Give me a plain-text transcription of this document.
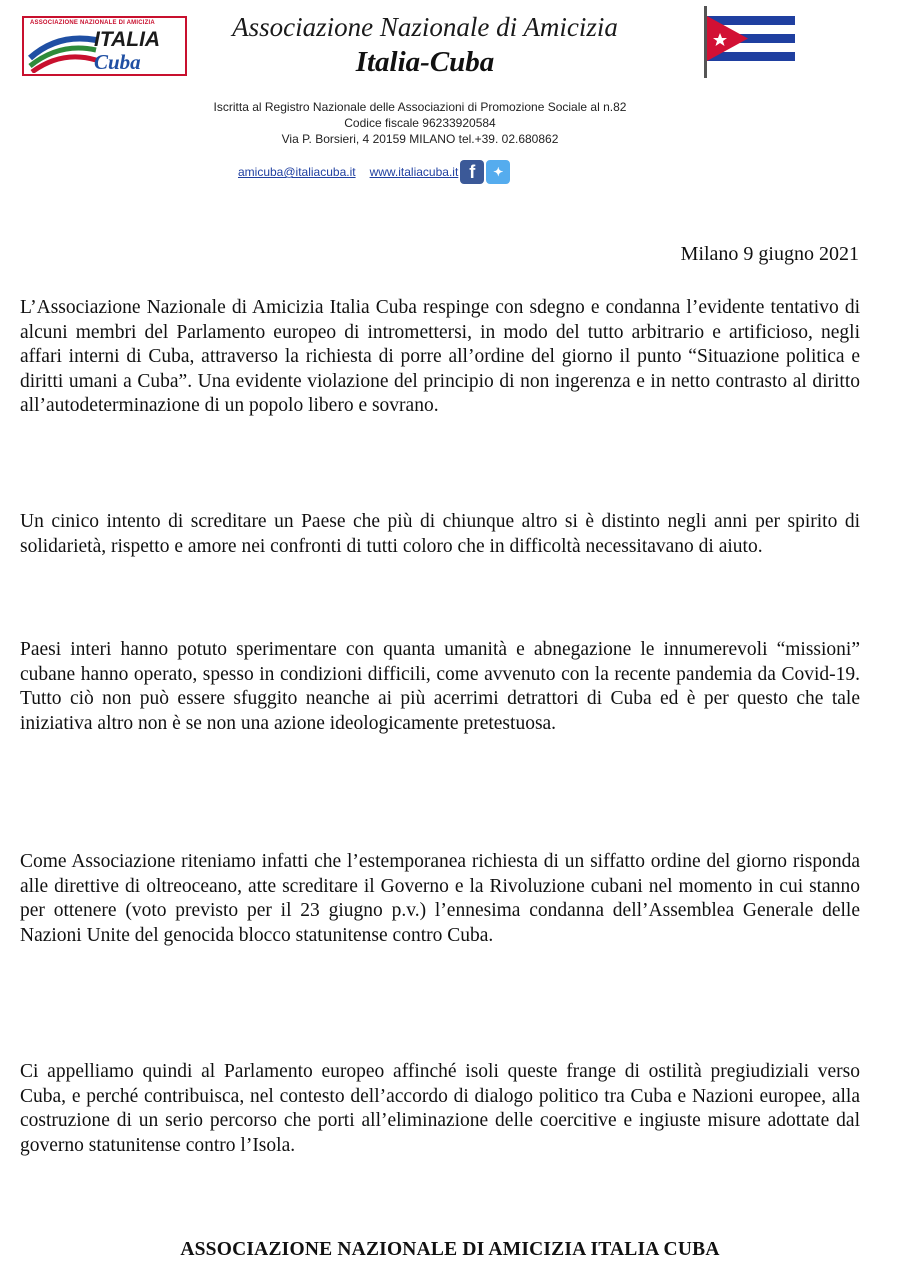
ASSOCIAZIONE NAZIONALE DI AMICIZIA
ITALIA
Cuba
Associazione Nazionale di Amicizia
Italia-Cuba
Iscritta al Registro Nazionale delle Associazioni di Promozione Sociale al n.82
Codice fiscale 96233920584
Via P. Borsieri, 4 20159 MILANO tel.+39. 02.680862
amicuba@italiacuba.it www.italiacuba.it f	✦
Milano 9 giugno 2021

L’Associazione Nazionale di Amicizia Italia Cuba respinge con sdegno e condanna l’evidente tentativo di alcuni membri del Parlamento europeo di intromettersi, in modo del tutto arbitrario e artificioso, negli affari interni di Cuba, attraverso la richiesta di porre all’ordine del giorno il punto “Situazione politica e diritti umani a Cuba”. Una evidente violazione del principio di non ingerenza e in netto contrasto al diritto all’autodeterminazione di un popolo libero e sovrano.

Un cinico intento di screditare un Paese che più di chiunque altro si è distinto negli anni per spirito di solidarietà, rispetto e amore nei confronti di tutti coloro che in difficoltà necessitavano di aiuto.

Paesi interi hanno potuto sperimentare con quanta umanità e abnegazione le innumerevoli “missioni” cubane hanno operato, spesso in condizioni difficili, come avvenuto con la recente pandemia da Covid-19. Tutto ciò non può essere sfuggito neanche ai più acerrimi detrattori di Cuba ed è per questo che tale iniziativa altro non è se non una azione ideologicamente pretestuosa.

Come Associazione riteniamo infatti che l’estemporanea richiesta di un siffatto ordine del giorno risponda alle direttive di oltreoceano, atte screditare il Governo e la Rivoluzione cubani nel momento in cui stanno per ottenere (voto previsto per il 23 giugno p.v.) l’ennesima condanna dell’Assemblea Generale delle Nazioni Unite del genocida blocco statunitense contro Cuba.

Ci appelliamo quindi al Parlamento europeo affinché isoli queste frange di ostilità pregiudiziali verso Cuba, e perché contribuisca, nel contesto dell’accordo di dialogo politico tra Cuba e Nazioni europee, alla costruzione di un serio percorso che porti all’eliminazione delle coercitive e ingiuste misure adottate dal governo statunitense contro l’Isola.

ASSOCIAZIONE NAZIONALE DI AMICIZIA ITALIA CUBA
